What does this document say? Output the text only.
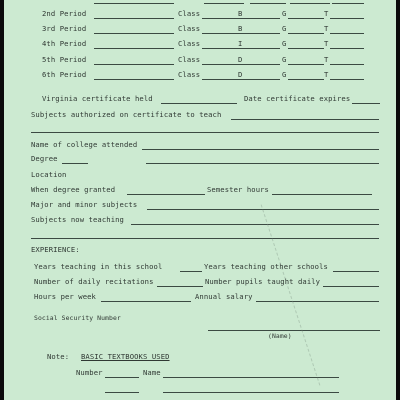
2nd Period	Class	B	G	T
3rd Period	Class	B	G	T
4th Period	Class	I	G	T
5th Period	Class	D	G	T
6th Period	Class	D	G	T
Virginia certificate held	Date certificate expires
Subjects authorized on certificate to teach
Name of college attended
Degree
Location
When degree granted	Semester hours
Major and minor subjects
Subjects now teaching
EXPERIENCE:
Years teaching in this school	Years teaching other schools
Number of daily recitations	Number pupils taught daily
Hours per week	Annual salary
Social Security Number
(Name)
Note: BASIC TEXTBOOKS USED
Number	Name
